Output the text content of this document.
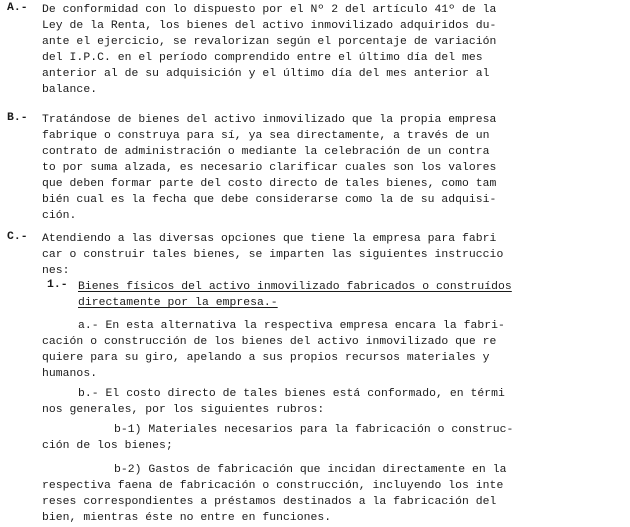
A.- De conformidad con lo dispuesto por el Nº 2 del artículo 41º de la
Ley de la Renta, los bienes del activo inmovilizado adquiridos du-
ante el ejercicio, se revalorizan según el porcentaje de variación
del I.P.C. en el período comprendido entre el último día del mes
anterior al de su adquisición y el último día del mes anterior al
balance.
B.- Tratándose de bienes del activo inmovilizado que la propia empresa
fabrique o construya para sí, ya sea directamente, a través de un
contrato de administración o mediante la celebración de un contra
to por suma alzada, es necesario clarificar cuales son los valores
que deben formar parte del costo directo de tales bienes, como tam
bién cual es la fecha que debe considerarse como la de su adquisi-
ción.
C.- Atendiendo a las diversas opciones que tiene la empresa para fabri
car o construir tales bienes, se imparten las siguientes instruccio
nes:
1.- Bienes físicos del activo inmovilizado fabricados o construídos
directamente por la empresa.-
a.- En esta alternativa la respectiva empresa encara la fabri-
cación o construcción de los bienes del activo inmovilizado que re
quiere para su giro, apelando a sus propios recursos materiales y
humanos.
b.- El costo directo de tales bienes está conformado, en térmi
nos generales, por los siguientes rubros:
b-1) Materiales necesarios para la fabricación o construc-
ción de los bienes;
b-2) Gastos de fabricación que incidan directamente en la
respectiva faena de fabricación o construcción, incluyendo los inte
reses correspondientes a préstamos destinados a la fabricación del
bien, mientras éste no entre en funciones.
